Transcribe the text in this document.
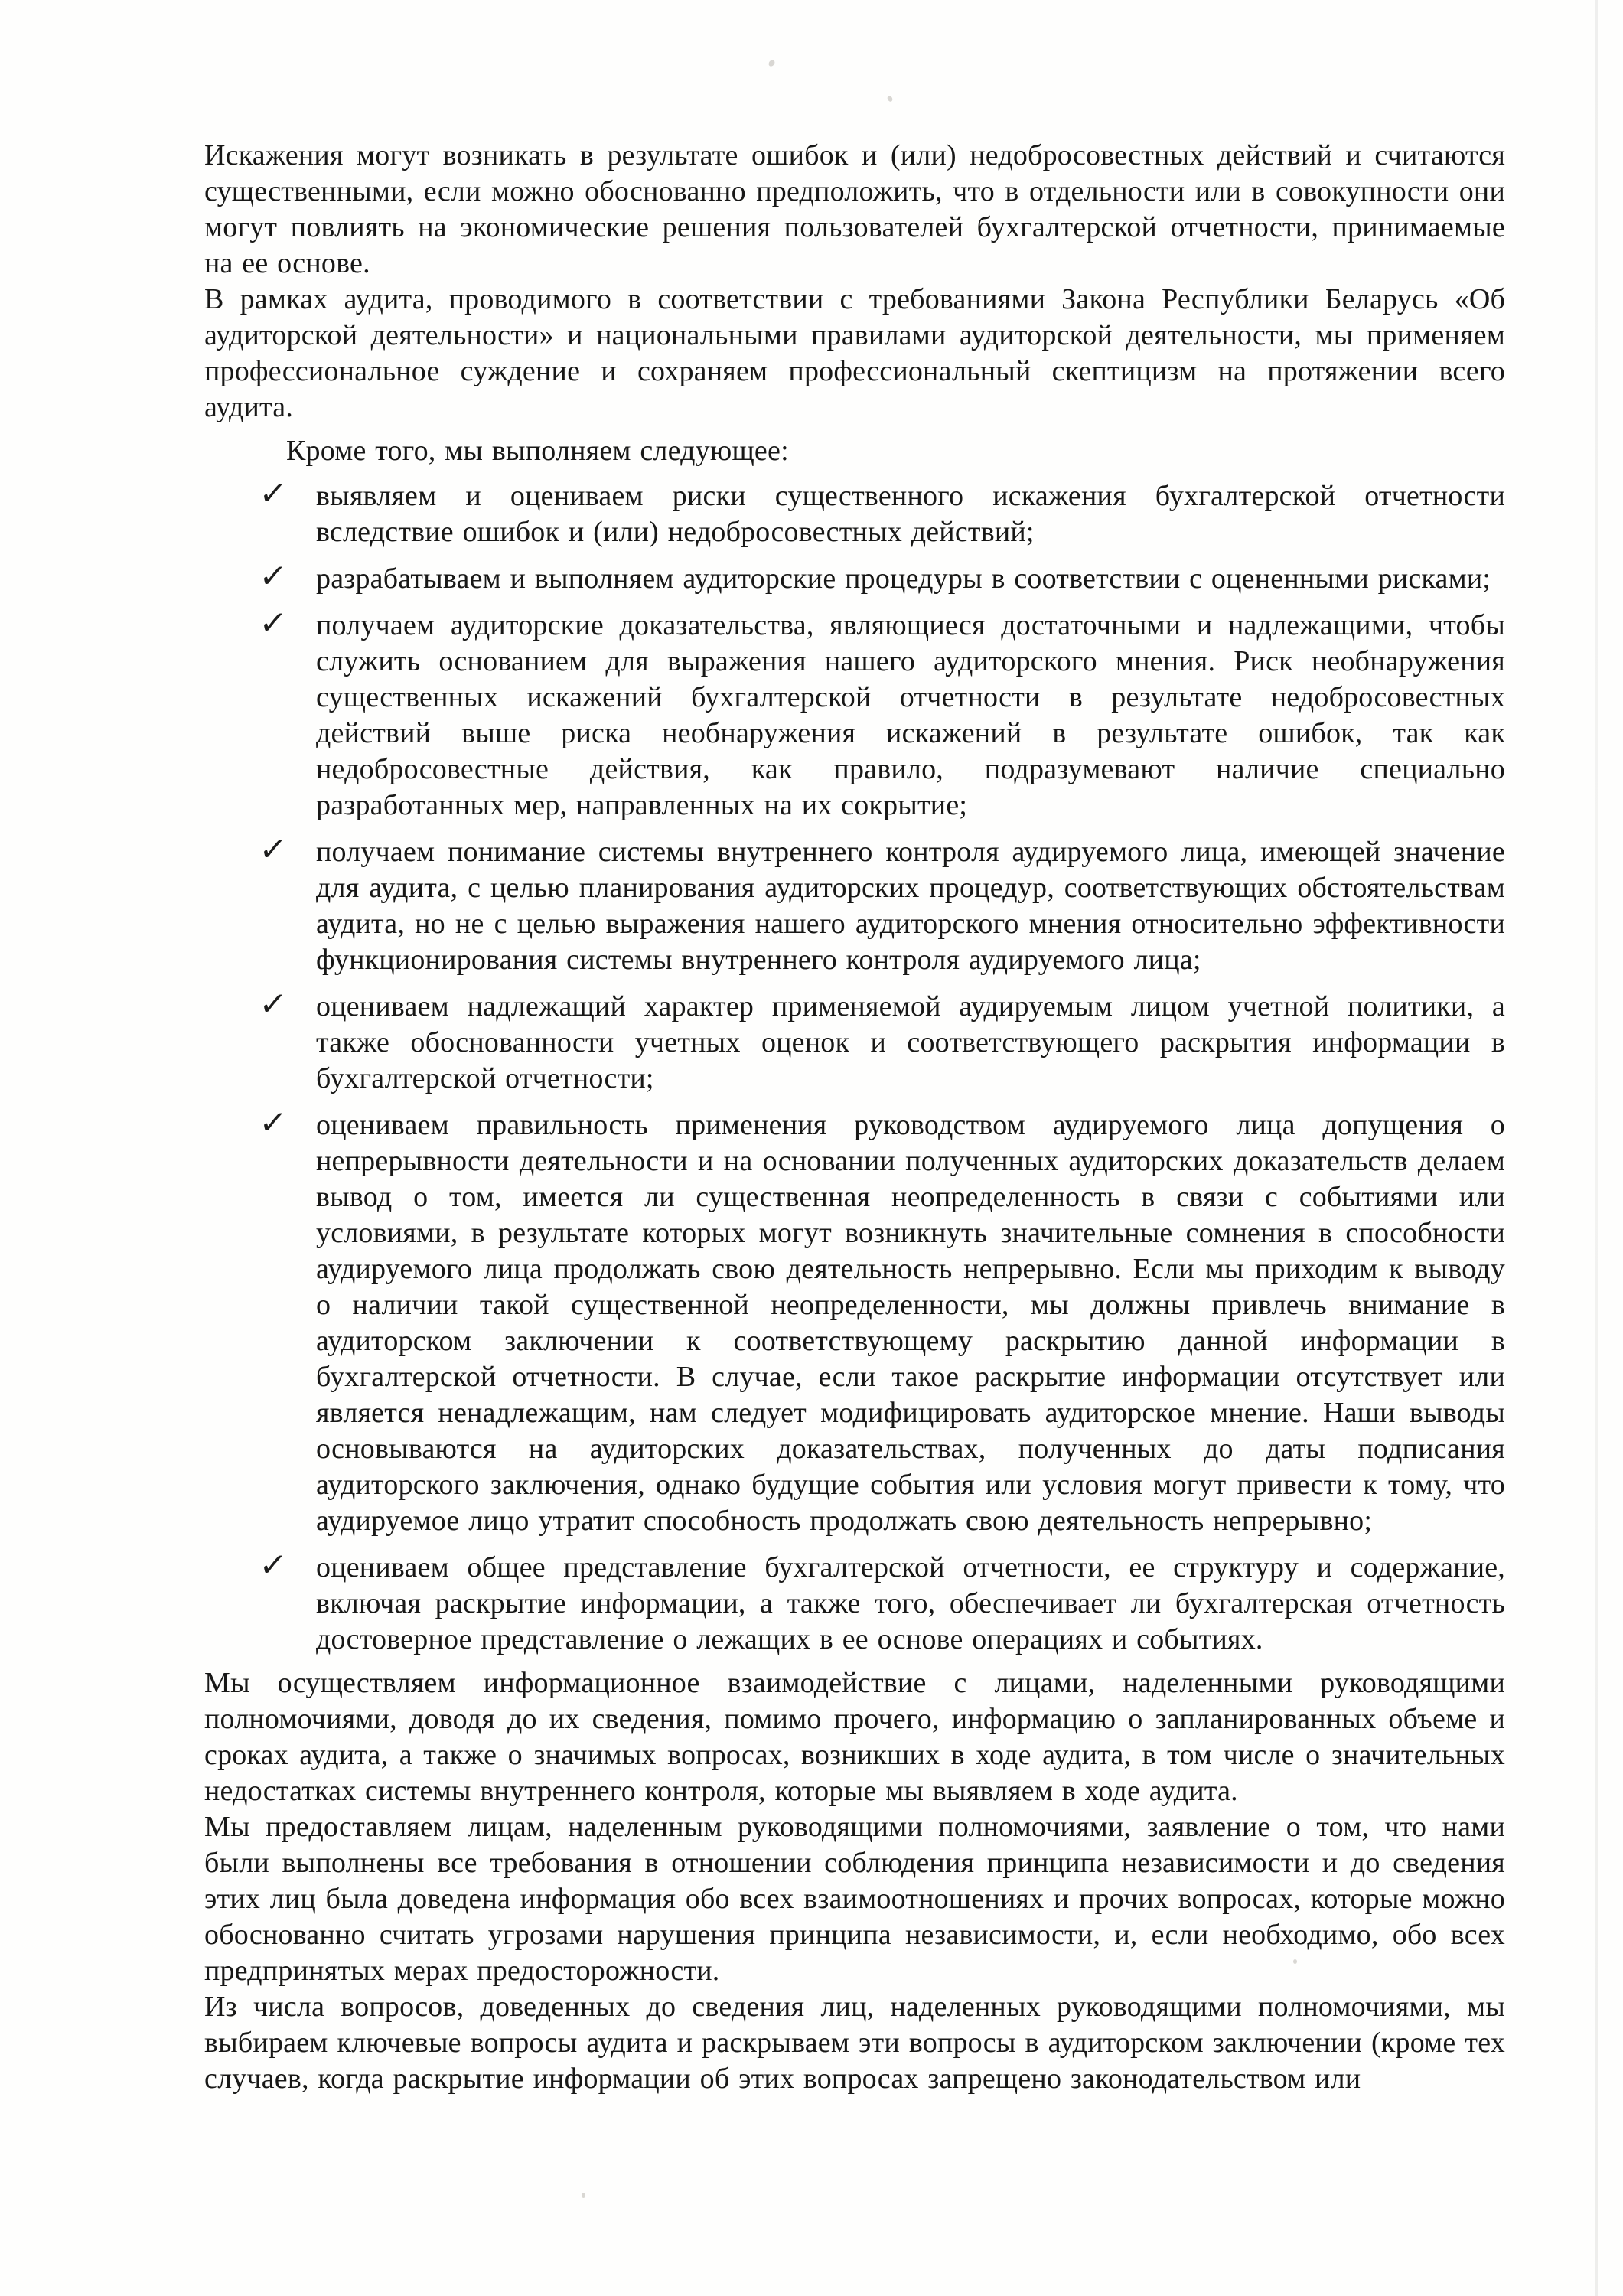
Искажения могут возникать в результате ошибок и (или) недобросовестных действий и считаются существенными, если можно обоснованно предположить, что в отдельности или в совокупности они могут повлиять на экономические решения пользователей бухгалтерской отчетности, принимаемые на ее основе.

В рамках аудита, проводимого в соответствии с требованиями Закона Республики Беларусь «Об аудиторской деятельности» и национальными правилами аудиторской деятельности, мы применяем профессиональное суждение и сохраняем профессиональный скептицизм на протяжении всего аудита.

Кроме того, мы выполняем следующее:

✓ выявляем и оцениваем риски существенного искажения бухгалтерской отчетности вследствие ошибок и (или) недобросовестных действий;
✓ разрабатываем и выполняем аудиторские процедуры в соответствии с оцененными рисками;
✓ получаем аудиторские доказательства, являющиеся достаточными и надлежащими, чтобы служить основанием для выражения нашего аудиторского мнения. Риск необнаружения существенных искажений бухгалтерской отчетности в результате недобросовестных действий выше риска необнаружения искажений в результате ошибок, так как недобросовестные действия, как правило, подразумевают наличие специально разработанных мер, направленных на их сокрытие;
✓ получаем понимание системы внутреннего контроля аудируемого лица, имеющей значение для аудита, с целью планирования аудиторских процедур, соответствующих обстоятельствам аудита, но не с целью выражения нашего аудиторского мнения относительно эффективности функционирования системы внутреннего контроля аудируемого лица;
✓ оцениваем надлежащий характер применяемой аудируемым лицом учетной политики, а также обоснованности учетных оценок и соответствующего раскрытия информации в бухгалтерской отчетности;
✓ оцениваем правильность применения руководством аудируемого лица допущения о непрерывности деятельности и на основании полученных аудиторских доказательств делаем вывод о том, имеется ли существенная неопределенность в связи с событиями или условиями, в результате которых могут возникнуть значительные сомнения в способности аудируемого лица продолжать свою деятельность непрерывно. Если мы приходим к выводу о наличии такой существенной неопределенности, мы должны привлечь внимание в аудиторском заключении к соответствующему раскрытию данной информации в бухгалтерской отчетности. В случае, если такое раскрытие информации отсутствует или является ненадлежащим, нам следует модифицировать аудиторское мнение. Наши выводы основываются на аудиторских доказательствах, полученных до даты подписания аудиторского заключения, однако будущие события или условия могут привести к тому, что аудируемое лицо утратит способность продолжать свою деятельность непрерывно;
✓ оцениваем общее представление бухгалтерской отчетности, ее структуру и содержание, включая раскрытие информации, а также того, обеспечивает ли бухгалтерская отчетность достоверное представление о лежащих в ее основе операциях и событиях.

Мы осуществляем информационное взаимодействие с лицами, наделенными руководящими полномочиями, доводя до их сведения, помимо прочего, информацию о запланированных объеме и сроках аудита, а также о значимых вопросах, возникших в ходе аудита, в том числе о значительных недостатках системы внутреннего контроля, которые мы выявляем в ходе аудита.

Мы предоставляем лицам, наделенным руководящими полномочиями, заявление о том, что нами были выполнены все требования в отношении соблюдения принципа независимости и до сведения этих лиц была доведена информация обо всех взаимоотношениях и прочих вопросах, которые можно обоснованно считать угрозами нарушения принципа независимости, и, если необходимо, обо всех предпринятых мерах предосторожности.

Из числа вопросов, доведенных до сведения лиц, наделенных руководящими полномочиями, мы выбираем ключевые вопросы аудита и раскрываем эти вопросы в аудиторском заключении (кроме тех случаев, когда раскрытие информации об этих вопросах запрещено законодательством или
